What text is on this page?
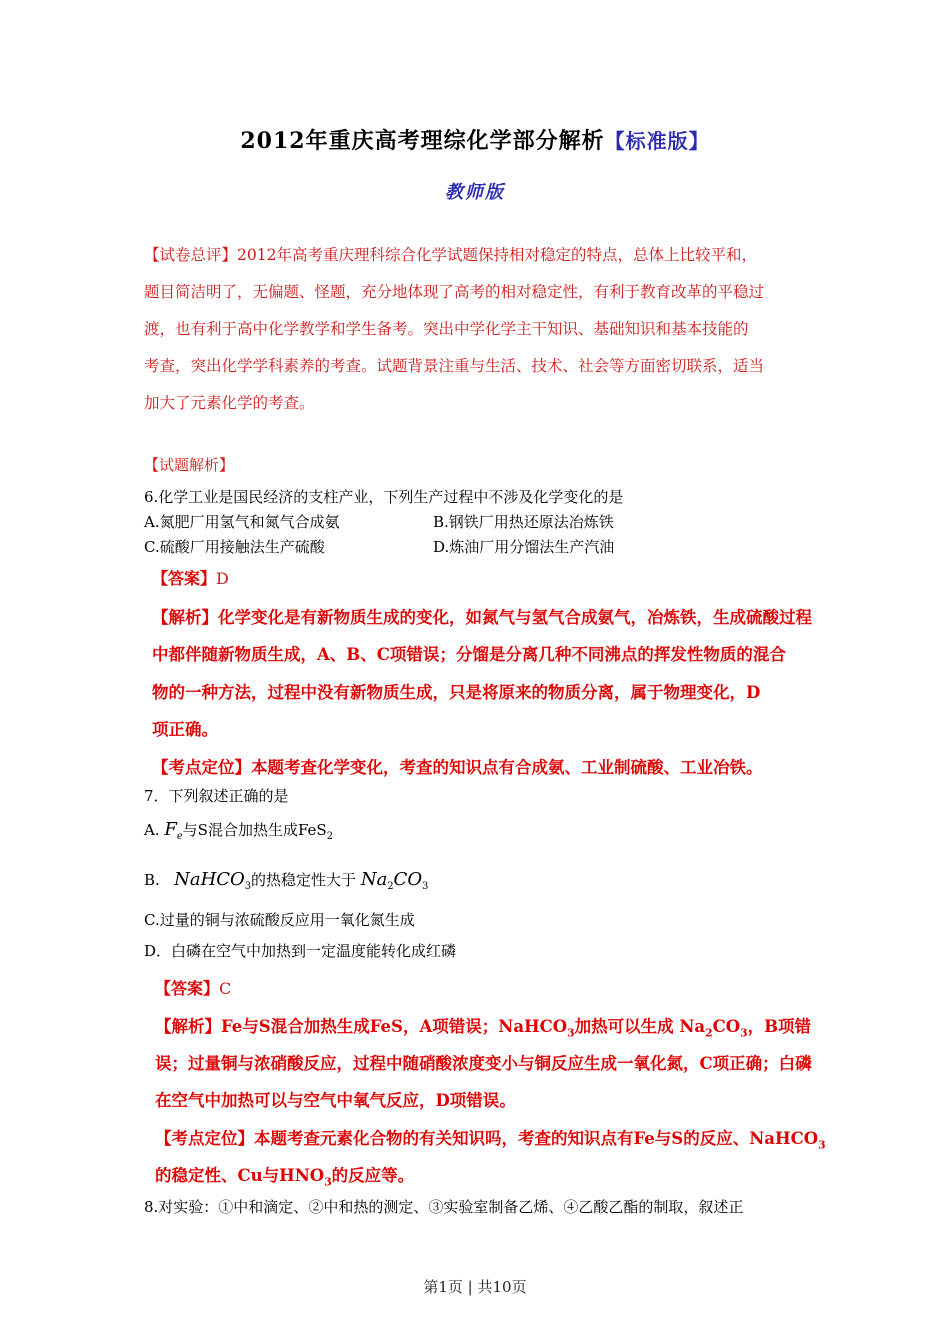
2012年重庆高考理综化学部分解析【标准版】
教师版
【试卷总评】2012年高考重庆理科综合化学试题保持相对稳定的特点，总体上比较平和，
题目简洁明了，无偏题、怪题，充分地体现了高考的相对稳定性，有利于教育改革的平稳过
渡，也有利于高中化学教学和学生备考。突出中学化学主干知识、基础知识和基本技能的
考查，突出化学学科素养的考查。试题背景注重与生活、技术、社会等方面密切联系，适当
加大了元素化学的考查。
【试题解析】
6.化学工业是国民经济的支柱产业，下列生产过程中不涉及化学变化的是
A.氮肥厂用氢气和氮气合成氨	B.钢铁厂用热还原法冶炼铁
C.硫酸厂用接触法生产硫酸	D.炼油厂用分馏法生产汽油
【答案】D
【解析】化学变化是有新物质生成的变化，如氮气与氢气合成氨气，冶炼铁，生成硫酸过程
中都伴随新物质生成，A、B、C项错误；分馏是分离几种不同沸点的挥发性物质的混合
物的一种方法，过程中没有新物质生成，只是将原来的物质分离，属于物理变化，D
项正确。
【考点定位】本题考查化学变化，考查的知识点有合成氨、工业制硫酸、工业冶铁。
7．下列叙述正确的是
A. $F_e$与S混合加热生成FeS$_2$
B. NaHCO$_3$的热稳定性大于 $Na_2CO_3$
C.过量的铜与浓硫酸反应用一氧化氮生成
D．白磷在空气中加热到一定温度能转化成红磷
【答案】C
【解析】Fe与S混合加热生成FeS，A项错误；NaHCO$_3$加热可以生成 $Na_2CO_3$，B项错
误；过量铜与浓硝酸反应，过程中随硝酸浓度变小与铜反应生成一氧化氮，C项正确；白磷
在空气中加热可以与空气中氧气反应，D项错误。
【考点定位】本题考查元素化合物的有关知识吗，考查的知识点有Fe与S的反应、NaHCO$_3$
的稳定性、Cu与$HNO_3$的反应等。
8.对实验：①中和滴定、②中和热的测定、③实验室制备乙烯、④乙酸乙酯的制取，叙述正
第1页 | 共10页
